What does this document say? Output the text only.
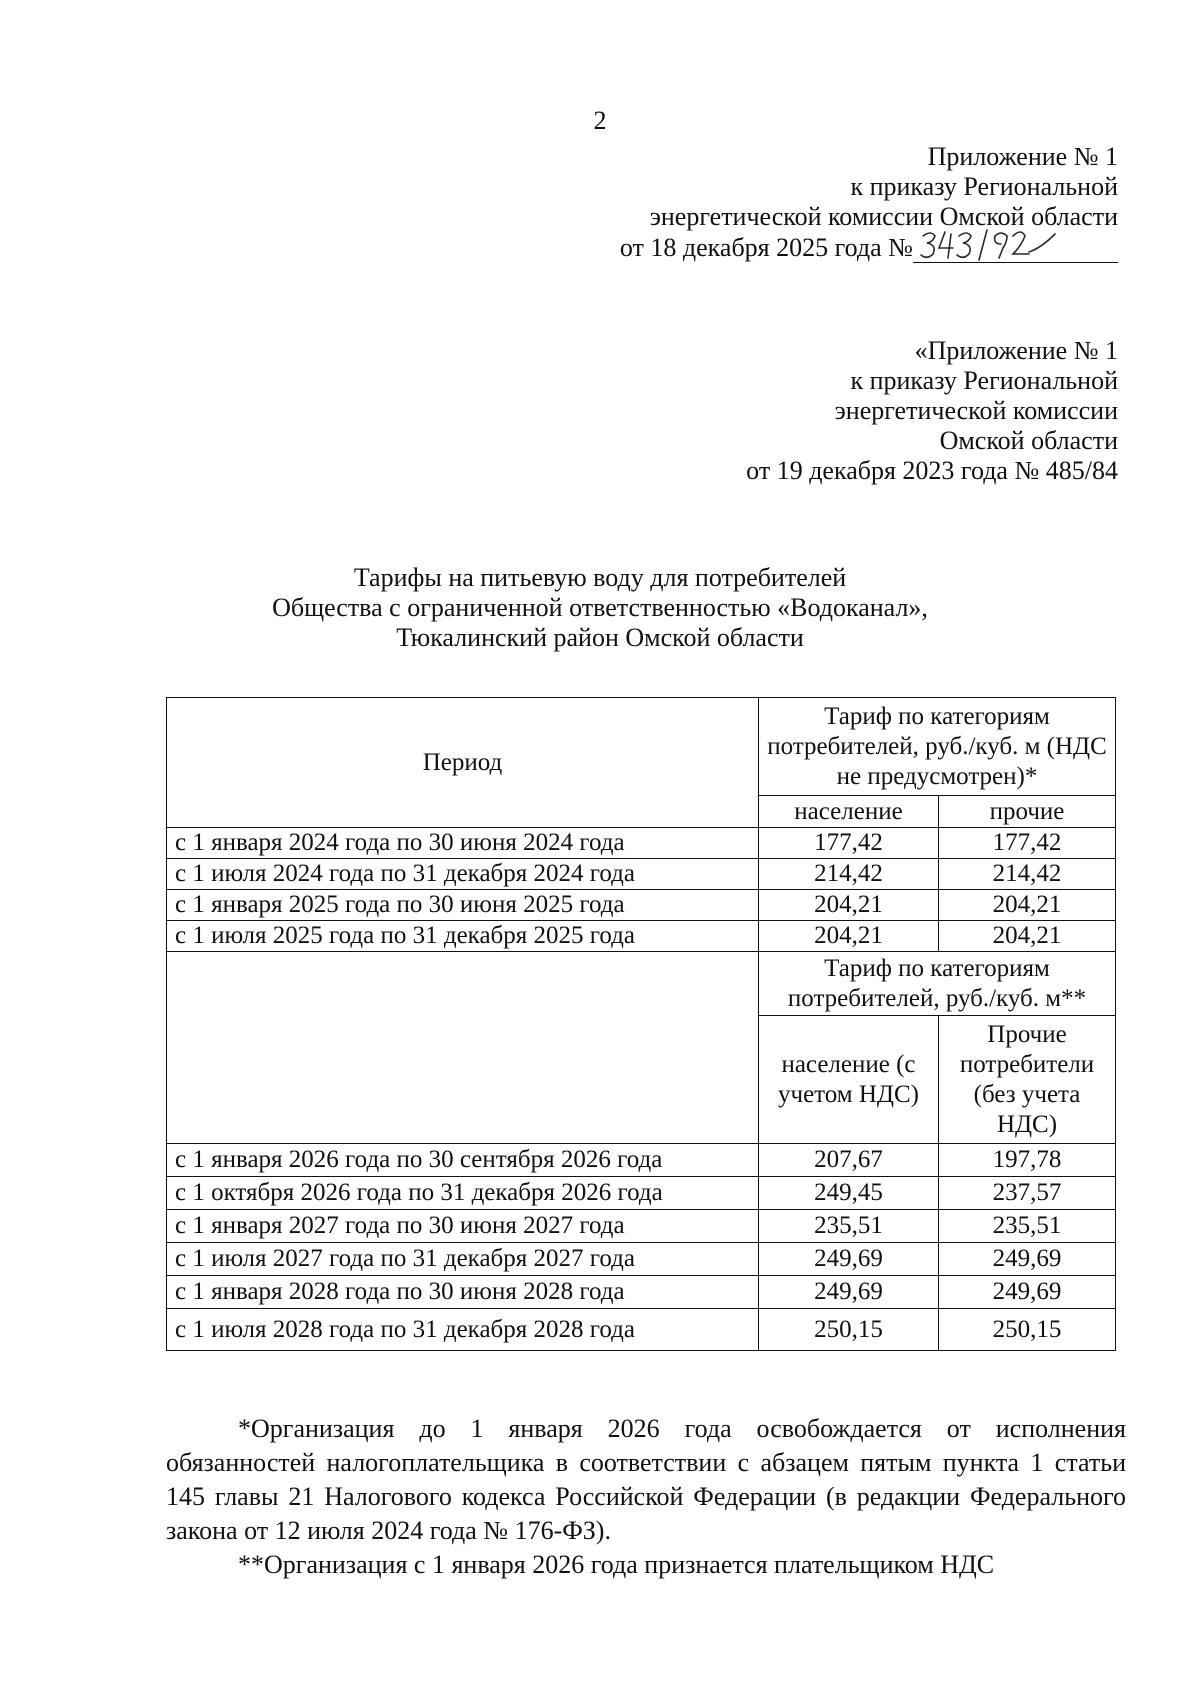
2
Приложение № 1
к приказу Региональной
энергетической комиссии Омской области
от 18 декабря 2025 года №
«Приложение № 1
к приказу Региональной
энергетической комиссии
Омской области
от 19 декабря 2023 года № 485/84
Тарифы на питьевую воду для потребителей
Общества с ограниченной ответственностью «Водоканал»,
Тюкалинский район Омской области
Период	Тариф по категориям потребителей, руб./куб. м (НДС не предусмотрен)*	
	население	прочие
с 1 января 2024 года по 30 июня 2024 года	177,42	177,42
с 1 июля 2024 года по 31 декабря 2024 года	214,42	214,42
с 1 января 2025 года по 30 июня 2025 года	204,21	204,21
с 1 июля 2025 года по 31 декабря 2025 года	204,21	204,21
	Тариф по категориям потребителей, руб./куб. м**	
	население (с учетом НДС)	Прочие потребители (без учета НДС)
с 1 января 2026 года по 30 сентября 2026 года	207,67	197,78
с 1 октября 2026 года по 31 декабря 2026 года	249,45	237,57
с 1 января 2027 года по 30 июня 2027 года	235,51	235,51
с 1 июля 2027 года по 31 декабря 2027 года	249,69	249,69
с 1 января 2028 года по 30 июня 2028 года	249,69	249,69
с 1 июля 2028 года по 31 декабря 2028 года	250,15	250,15

*Организация до 1 января 2026 года освобождается от исполнения обязанностей налогоплательщика в соответствии с абзацем пятым пункта 1 статьи 145 главы 21 Налогового кодекса Российской Федерации (в редакции Федерального закона от 12 июля 2024 года № 176-ФЗ).

**Организация с 1 января 2026 года признается плательщиком НДС
